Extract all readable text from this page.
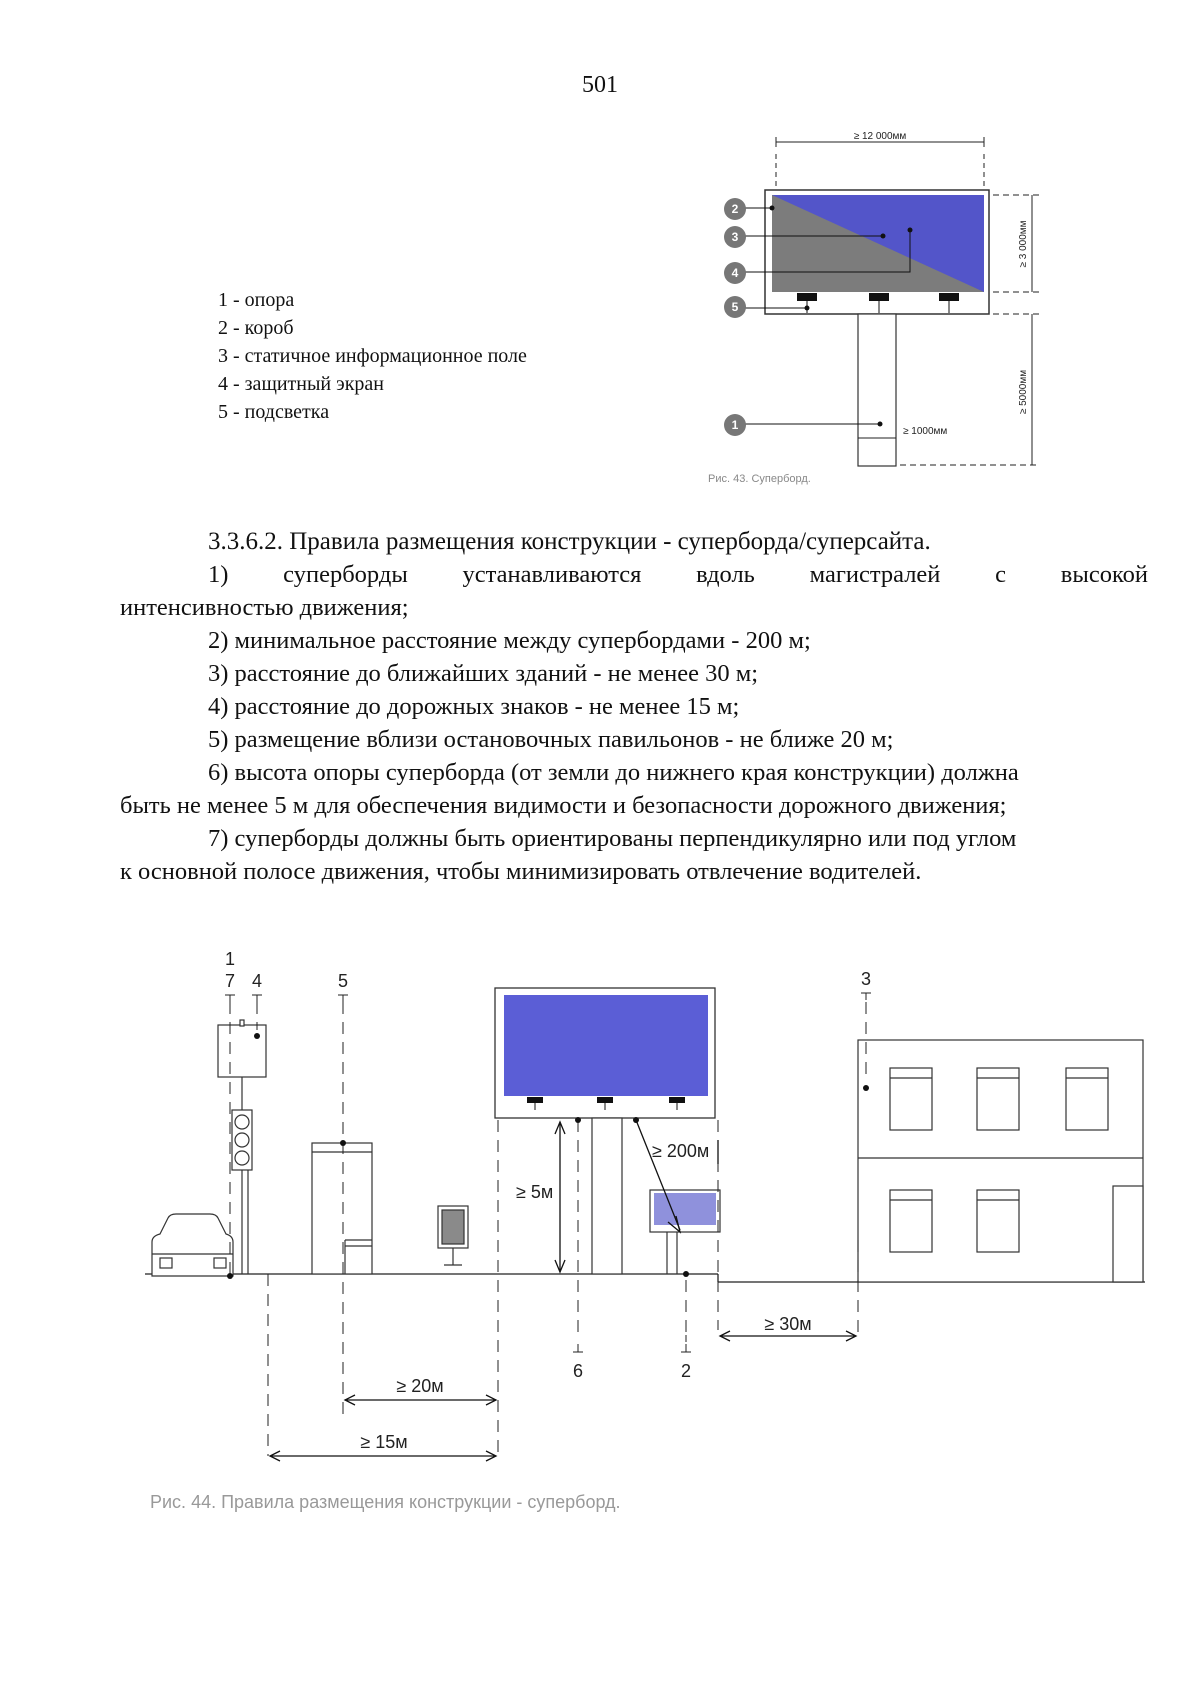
501
1 - опора
2 - короб
3 - статичное информационное поле
4 - защитный экран
5 - подсветка
≥ 12 000мм
≥ 3 000мм
≥ 5000мм
≥ 1000мм
2
3
4
5
1
Рис. 43. Суперборд.
3.3.6.2. Правила размещения конструкции - суперборда/суперсайта.
1) суперборды устанавливаются вдоль магистралей с высокой
интенсивностью движения;
2) минимальное расстояние между супербордами - 200 м;
3) расстояние до ближайших зданий - не менее 30 м;
4) расстояние до дорожных знаков - не менее 15 м;
5) размещение вблизи остановочных павильонов - не ближе 20 м;
6) высота опоры суперборда (от земли до нижнего края конструкции) должна
быть не менее 5 м для обеспечения видимости и безопасности дорожного движения;
7) суперборды должны быть ориентированы перпендикулярно или под углом
к основной полосе движения, чтобы минимизировать отвлечение водителей.
1
7 4	5	3
6	2
≥ 5м
≥ 200м
≥ 30м
≥ 20м
≥ 15м
Рис. 44. Правила размещения конструкции - суперборд.
